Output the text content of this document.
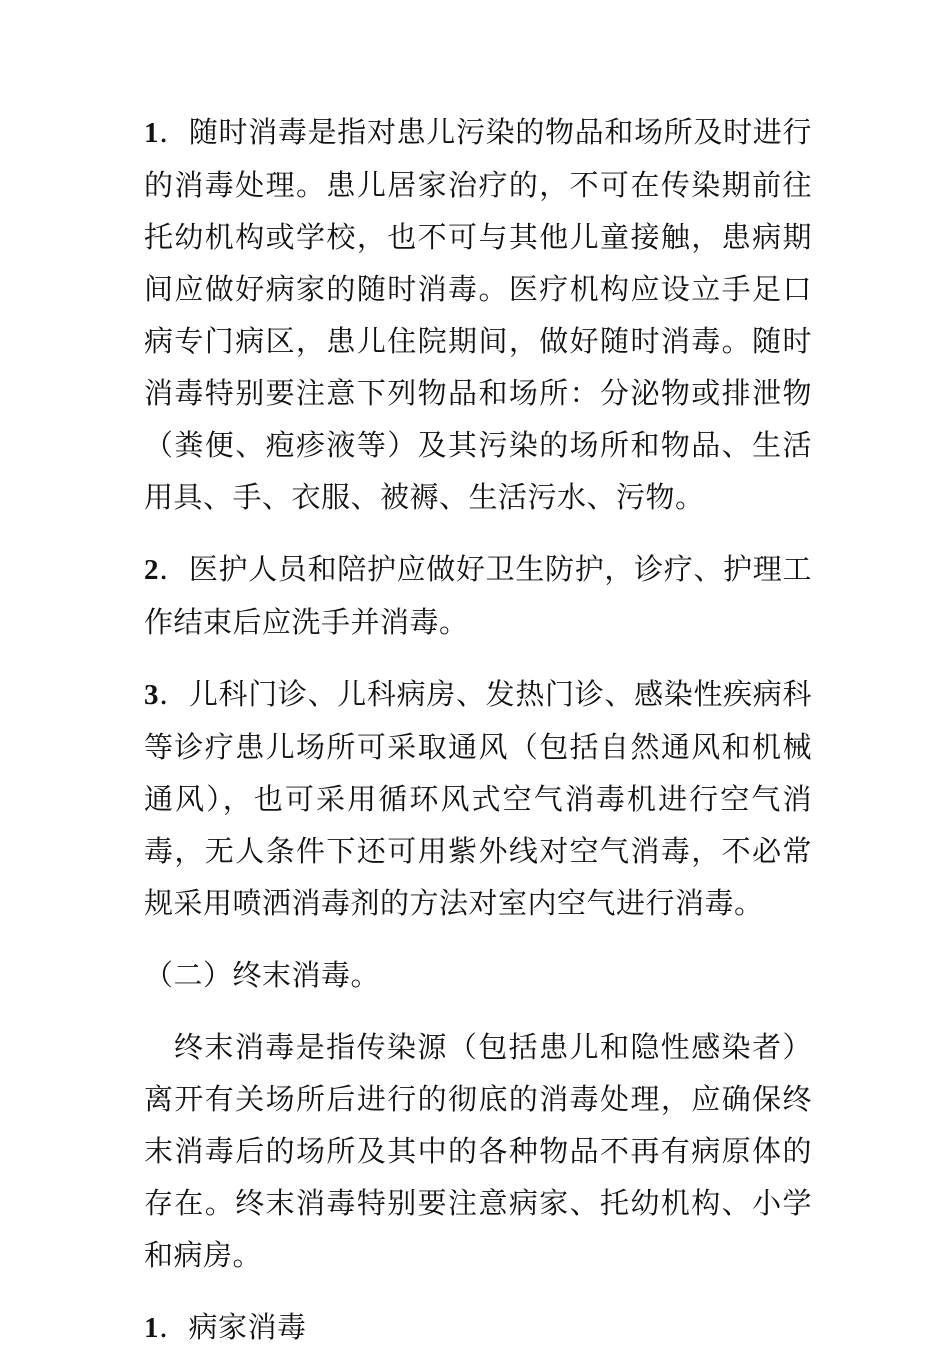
1．随时消毒是指对患儿污染的物品和场所及时进行的消毒处理。患儿居家治疗的，不可在传染期前往托幼机构或学校，也不可与其他儿童接触，患病期间应做好病家的随时消毒。医疗机构应设立手足口病专门病区，患儿住院期间，做好随时消毒。随时消毒特别要注意下列物品和场所：分泌物或排泄物（粪便、疱疹液等）及其污染的场所和物品、生活用具、手、衣服、被褥、生活污水、污物。

2．医护人员和陪护应做好卫生防护，诊疗、护理工作结束后应洗手并消毒。

3．儿科门诊、儿科病房、发热门诊、感染性疾病科等诊疗患儿场所可采取通风（包括自然通风和机械通风），也可采用循环风式空气消毒机进行空气消毒，无人条件下还可用紫外线对空气消毒，不必常规采用喷洒消毒剂的方法对室内空气进行消毒。

（二）终末消毒。

终末消毒是指传染源（包括患儿和隐性感染者）离开有关场所后进行的彻底的消毒处理，应确保终末消毒后的场所及其中的各种物品不再有病原体的存在。终末消毒特别要注意病家、托幼机构、小学和病房。

1．病家消毒
